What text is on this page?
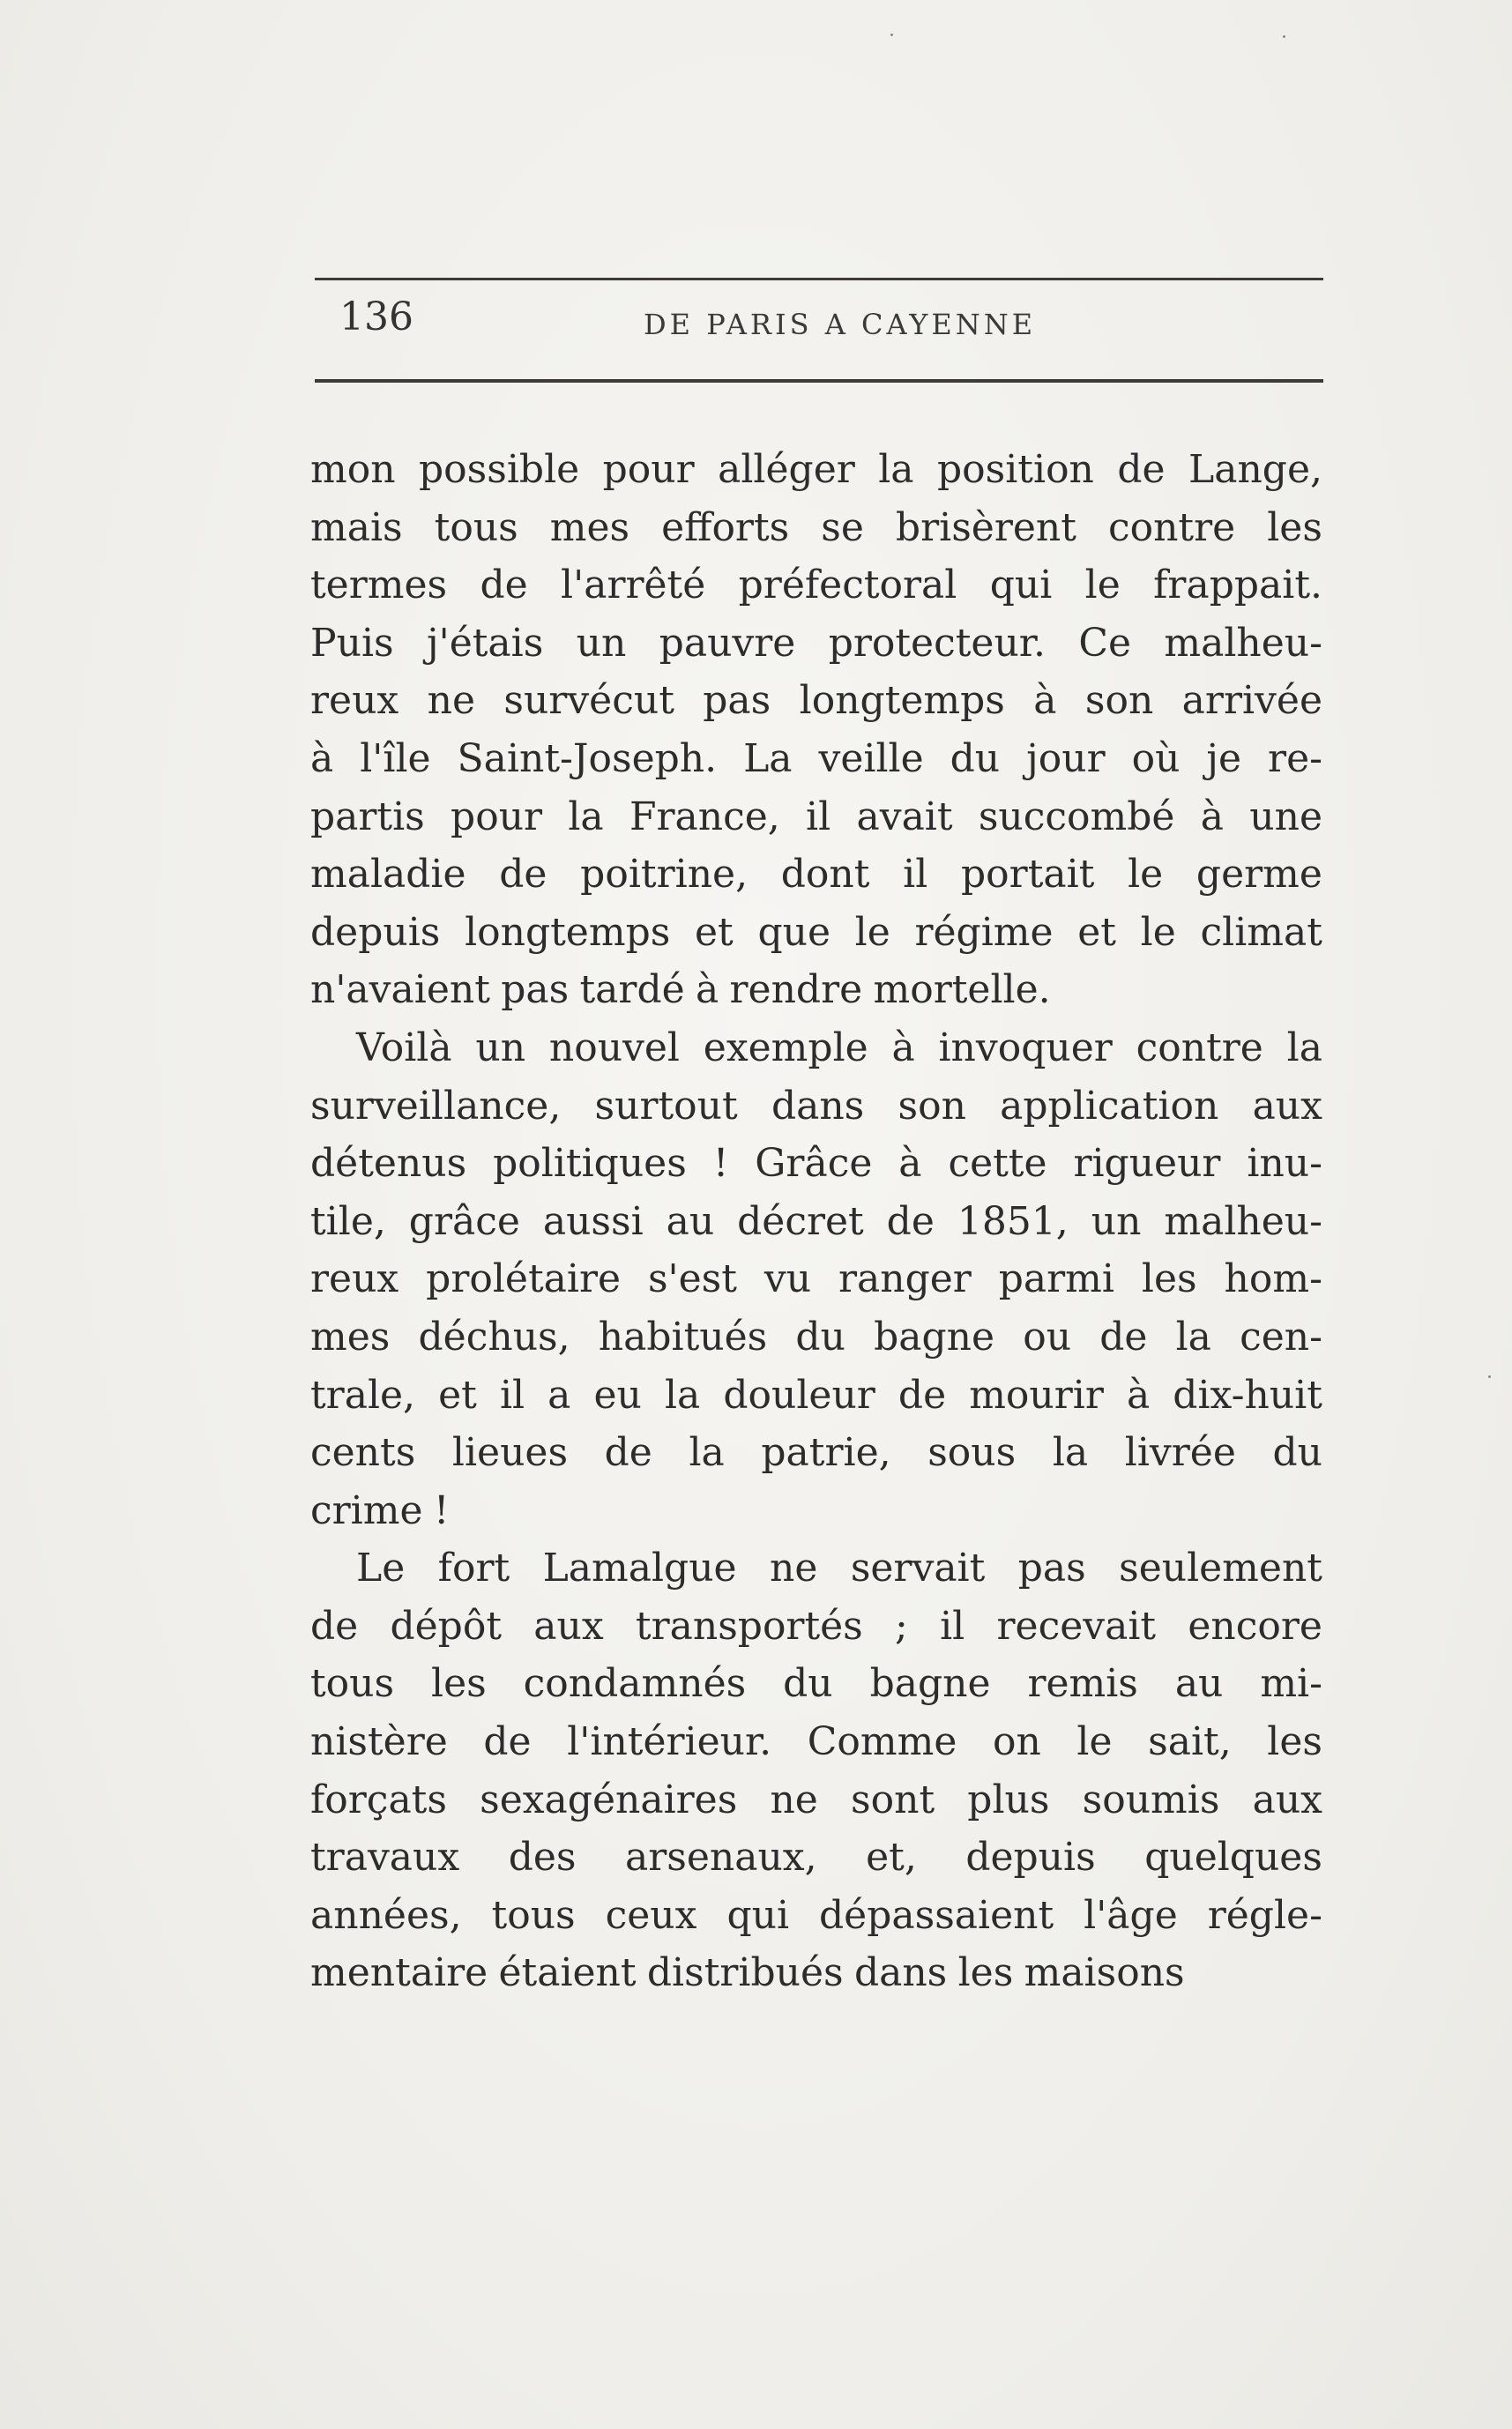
136	DE PARIS A CAYENNE
mon possible pour alléger la position de Lange,
mais tous mes efforts se brisèrent contre les
termes de l'arrêté préfectoral qui le frappait.
Puis j'étais un pauvre protecteur. Ce malheu-
reux ne survécut pas longtemps à son arrivée
à l'île Saint-Joseph. La veille du jour où je re-
partis pour la France, il avait succombé à une
maladie de poitrine, dont il portait le germe
depuis longtemps et que le régime et le climat
n'avaient pas tardé à rendre mortelle.
Voilà un nouvel exemple à invoquer contre la
surveillance, surtout dans son application aux
détenus politiques ! Grâce à cette rigueur inu-
tile, grâce aussi au décret de 1851, un malheu-
reux prolétaire s'est vu ranger parmi les hom-
mes déchus, habitués du bagne ou de la cen-
trale, et il a eu la douleur de mourir à dix-huit
cents lieues de la patrie, sous la livrée du
crime !
Le fort Lamalgue ne servait pas seulement
de dépôt aux transportés ; il recevait encore
tous les condamnés du bagne remis au mi-
nistère de l'intérieur. Comme on le sait, les
forçats sexagénaires ne sont plus soumis aux
travaux des arsenaux, et, depuis quelques
années, tous ceux qui dépassaient l'âge régle-
mentaire étaient distribués dans les maisons
